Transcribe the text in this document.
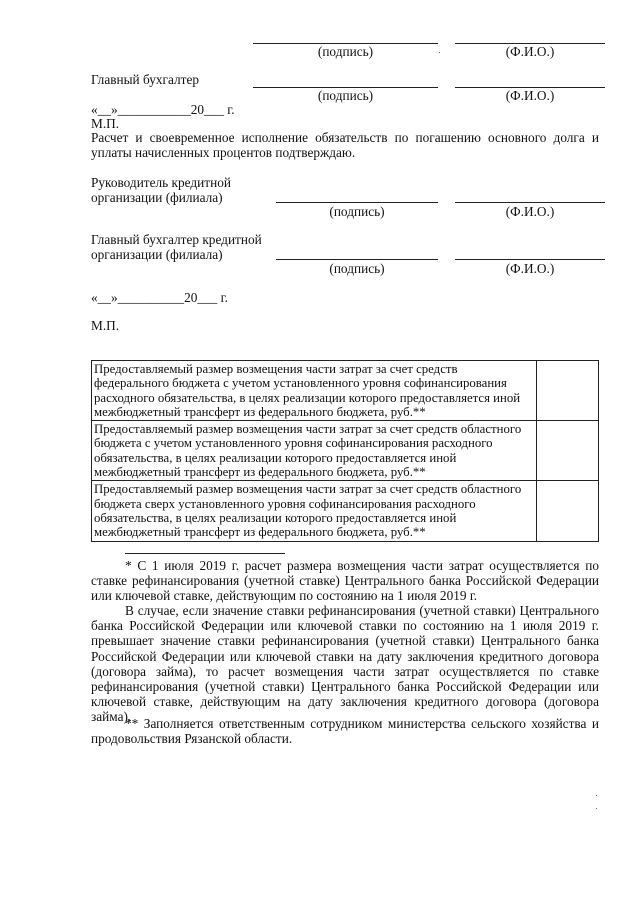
(подпись)	(Ф.И.О.)
Главный бухгалтер
(подпись)	(Ф.И.О.)
«__»___________20___ г.
М.П.
Расчет и своевременное исполнение обязательств по погашению основного долга и уплаты начисленных процентов подтверждаю.
Руководитель кредитной
организации (филиала)
(подпись)	(Ф.И.О.)
Главный бухгалтер кредитной
организации (филиала)
(подпись)	(Ф.И.О.)
«__»__________20___ г.
М.П.
Предоставляемый размер возмещения части затрат за счет средств федерального бюджета с учетом установленного уровня софинансирования расходного обязательства, в целях реализации которого предоставляется иной межбюджетный трансферт из федерального бюджета, руб.**	
Предоставляемый размер возмещения части затрат за счет средств областного бюджета с учетом установленного уровня софинансирования расходного обязательства, в целях реализации которого предоставляется иной межбюджетный трансферт из федерального бюджета, руб.**	
Предоставляемый размер возмещения части затрат за счет средств областного бюджета сверх установленного уровня софинансирования расходного обязательства, в целях реализации которого предоставляется иной межбюджетный трансферт из федерального бюджета, руб.**	
* С 1 июля 2019 г. расчет размера возмещения части затрат осуществляется по ставке рефинансирования (учетной ставке) Центрального банка Российской Федерации или ключевой ставке, действующим по состоянию на 1 июля 2019 г.
В случае, если значение ставки рефинансирования (учетной ставки) Центрального банка Российской Федерации или ключевой ставки по состоянию на 1 июля 2019 г. превышает значение ставки рефинансирования (учетной ставки) Центрального банка Российской Федерации или ключевой ставки на дату заключения кредитного договора (договора займа), то расчет возмещения части затрат осуществляется по ставке рефинансирования (учетной ставки) Центрального банка Российской Федерации или ключевой ставке, действующим на дату заключения кредитного договора (договора займа).
** Заполняется ответственным сотрудником министерства сельского хозяйства и продовольствия Рязанской области.
